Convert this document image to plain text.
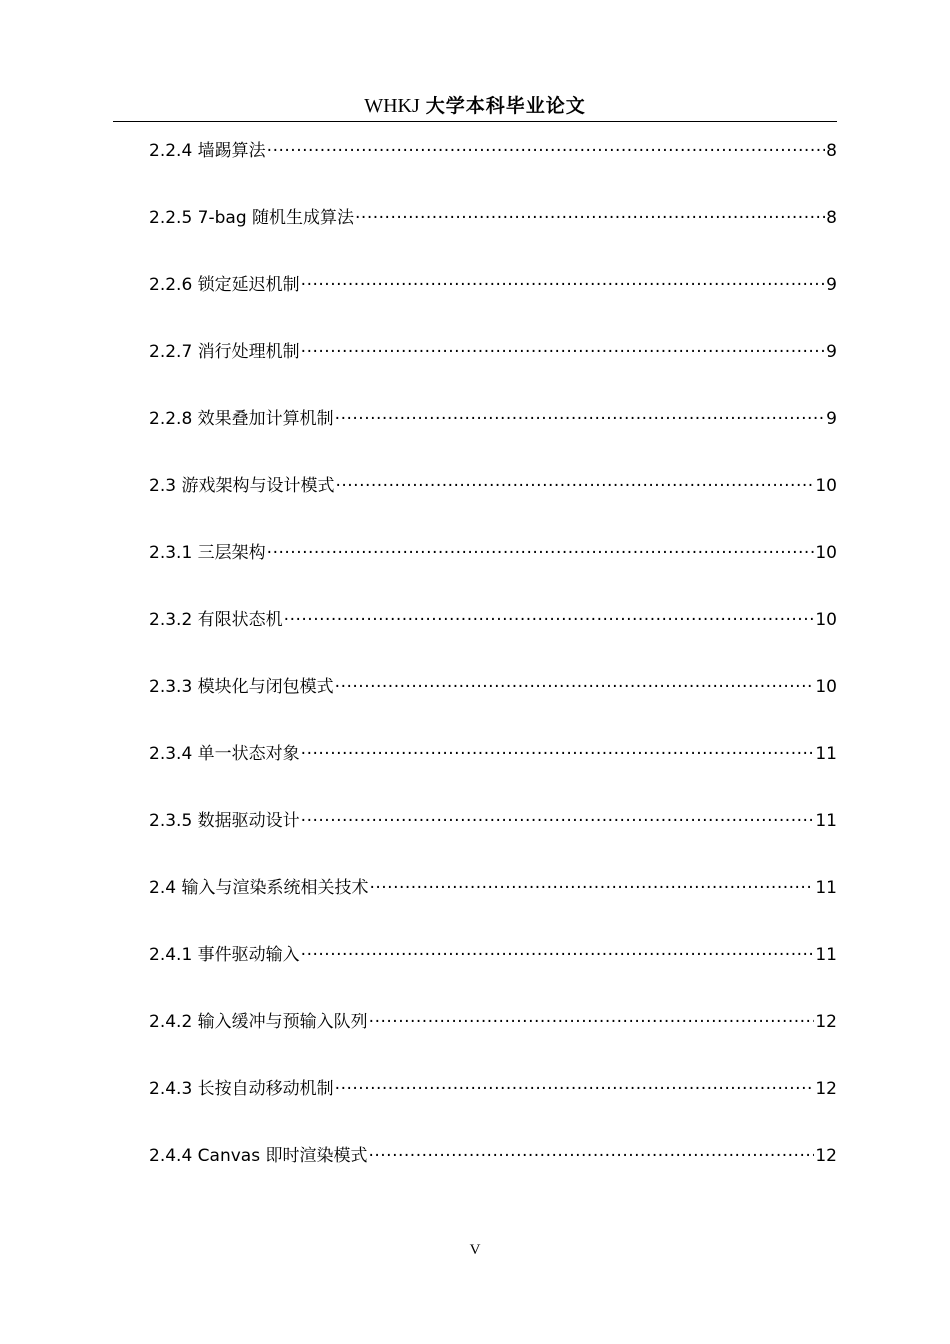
WHKJ 大学本科毕业论文
2.2.4 墙踢算法 .....	8
2.2.5 7-bag 随机生成算法 .....	8
2.2.6 锁定延迟机制 .....	9
2.2.7 消行处理机制 .....	9
2.2.8 效果叠加计算机制 .....	9
2.3 游戏架构与设计模式 .....	10
2.3.1 三层架构 .....	10
2.3.2 有限状态机 .....	10
2.3.3 模块化与闭包模式 .....	10
2.3.4 单一状态对象 .....	11
2.3.5 数据驱动设计 .....	11
2.4 输入与渲染系统相关技术 .....	11
2.4.1 事件驱动输入 .....	11
2.4.2 输入缓冲与预输入队列 .....	12
2.4.3 长按自动移动机制 .....	12
2.4.4 Canvas 即时渲染模式 .....	12
V
